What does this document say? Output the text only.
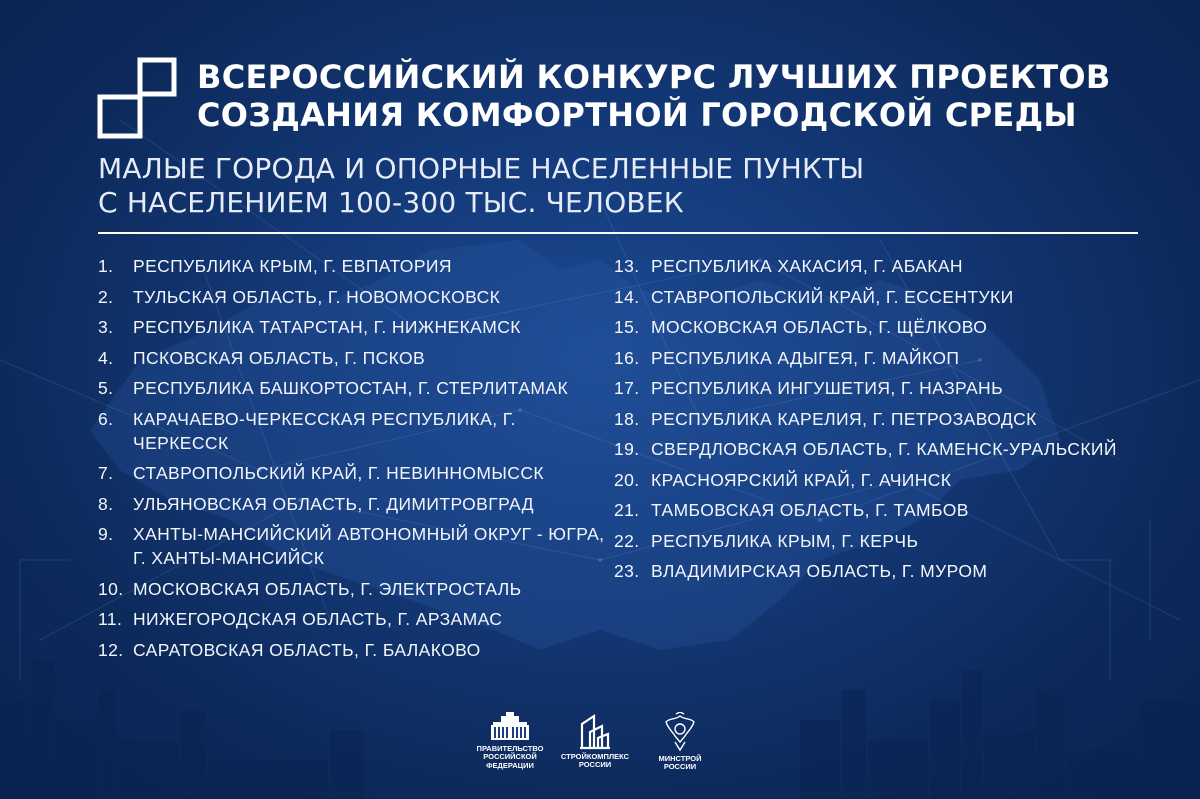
ВСЕРОССИЙСКИЙ КОНКУРС ЛУЧШИХ ПРОЕКТОВ
СОЗДАНИЯ КОМФОРТНОЙ ГОРОДСКОЙ СРЕДЫ
МАЛЫЕ ГОРОДА И ОПОРНЫЕ НАСЕЛЕННЫЕ ПУНКТЫ
С НАСЕЛЕНИЕМ 100-300 ТЫС. ЧЕЛОВЕК
1.	РЕСПУБЛИКА КРЫМ, Г. ЕВПАТОРИЯ
2.	ТУЛЬСКАЯ ОБЛАСТЬ, Г. НОВОМОСКОВСК
3.	РЕСПУБЛИКА ТАТАРСТАН, Г. НИЖНЕКАМСК
4.	ПСКОВСКАЯ ОБЛАСТЬ, Г. ПСКОВ
5.	РЕСПУБЛИКА БАШКОРТОСТАН, Г. СТЕРЛИТАМАК
6.	КАРАЧАЕВО-ЧЕРКЕССКАЯ РЕСПУБЛИКА, Г. ЧЕРКЕССК
7.	СТАВРОПОЛЬСКИЙ КРАЙ, Г. НЕВИННОМЫССК
8.	УЛЬЯНОВСКАЯ ОБЛАСТЬ, Г. ДИМИТРОВГРАД
9.	ХАНТЫ-МАНСИЙСКИЙ АВТОНОМНЫЙ ОКРУГ - ЮГРА, Г. ХАНТЫ-МАНСИЙСК
10. МОСКОВСКАЯ ОБЛАСТЬ, Г. ЭЛЕКТРОСТАЛЬ
11. НИЖЕГОРОДСКАЯ ОБЛАСТЬ, Г. АРЗАМАС
12. САРАТОВСКАЯ ОБЛАСТЬ, Г. БАЛАКОВО
13. РЕСПУБЛИКА ХАКАСИЯ, Г. АБАКАН
14. СТАВРОПОЛЬСКИЙ КРАЙ, Г. ЕССЕНТУКИ
15. МОСКОВСКАЯ ОБЛАСТЬ, Г. ЩЁЛКОВО
16. РЕСПУБЛИКА АДЫГЕЯ, Г. МАЙКОП
17. РЕСПУБЛИКА ИНГУШЕТИЯ, Г. НАЗРАНЬ
18. РЕСПУБЛИКА КАРЕЛИЯ, Г. ПЕТРОЗАВОДСК
19. СВЕРДЛОВСКАЯ ОБЛАСТЬ, Г. КАМЕНСК-УРАЛЬСКИЙ
20. КРАСНОЯРСКИЙ КРАЙ, Г. АЧИНСК
21. ТАМБОВСКАЯ ОБЛАСТЬ, Г. ТАМБОВ
22. РЕСПУБЛИКА КРЫМ, Г. КЕРЧЬ
23. ВЛАДИМИРСКАЯ ОБЛАСТЬ, Г. МУРОМ
ПРАВИТЕЛЬСТВО
РОССИЙСКОЙ
ФЕДЕРАЦИИ
СТРОЙКОМПЛЕКС
РОССИИ
МИНСТРОЙ
РОССИИ
